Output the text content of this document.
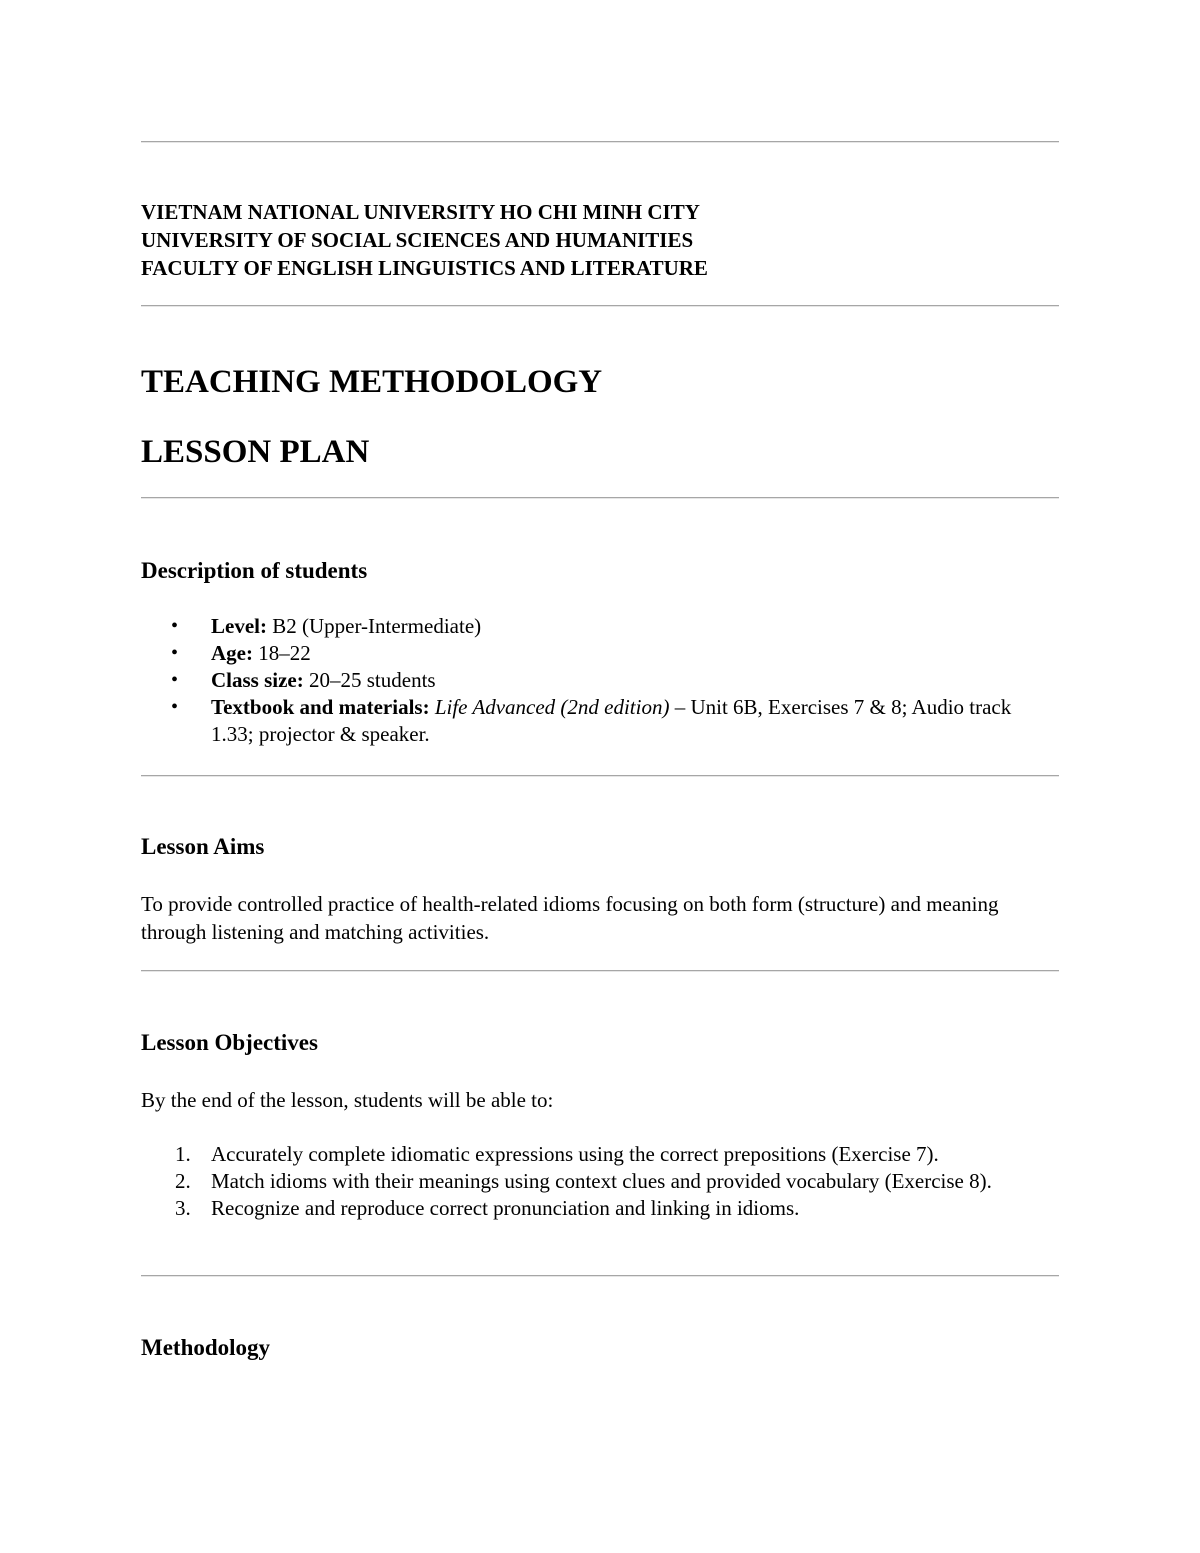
VIETNAM NATIONAL UNIVERSITY HO CHI MINH CITY
UNIVERSITY OF SOCIAL SCIENCES AND HUMANITIES
FACULTY OF ENGLISH LINGUISTICS AND LITERATURE
TEACHING METHODOLOGY
LESSON PLAN
Description of students
•	Level: B2 (Upper-Intermediate)
•	Age: 18–22
•	Class size: 20–25 students
•	Textbook and materials: Life Advanced (2nd edition) – Unit 6B, Exercises 7 & 8; Audio track 1.33; projector & speaker.
Lesson Aims
To provide controlled practice of health-related idioms focusing on both form (structure) and meaning through listening and matching activities.
Lesson Objectives
By the end of the lesson, students will be able to:
1. Accurately complete idiomatic expressions using the correct prepositions (Exercise 7).
2. Match idioms with their meanings using context clues and provided vocabulary (Exercise 8).
3. Recognize and reproduce correct pronunciation and linking in idioms.
Methodology
